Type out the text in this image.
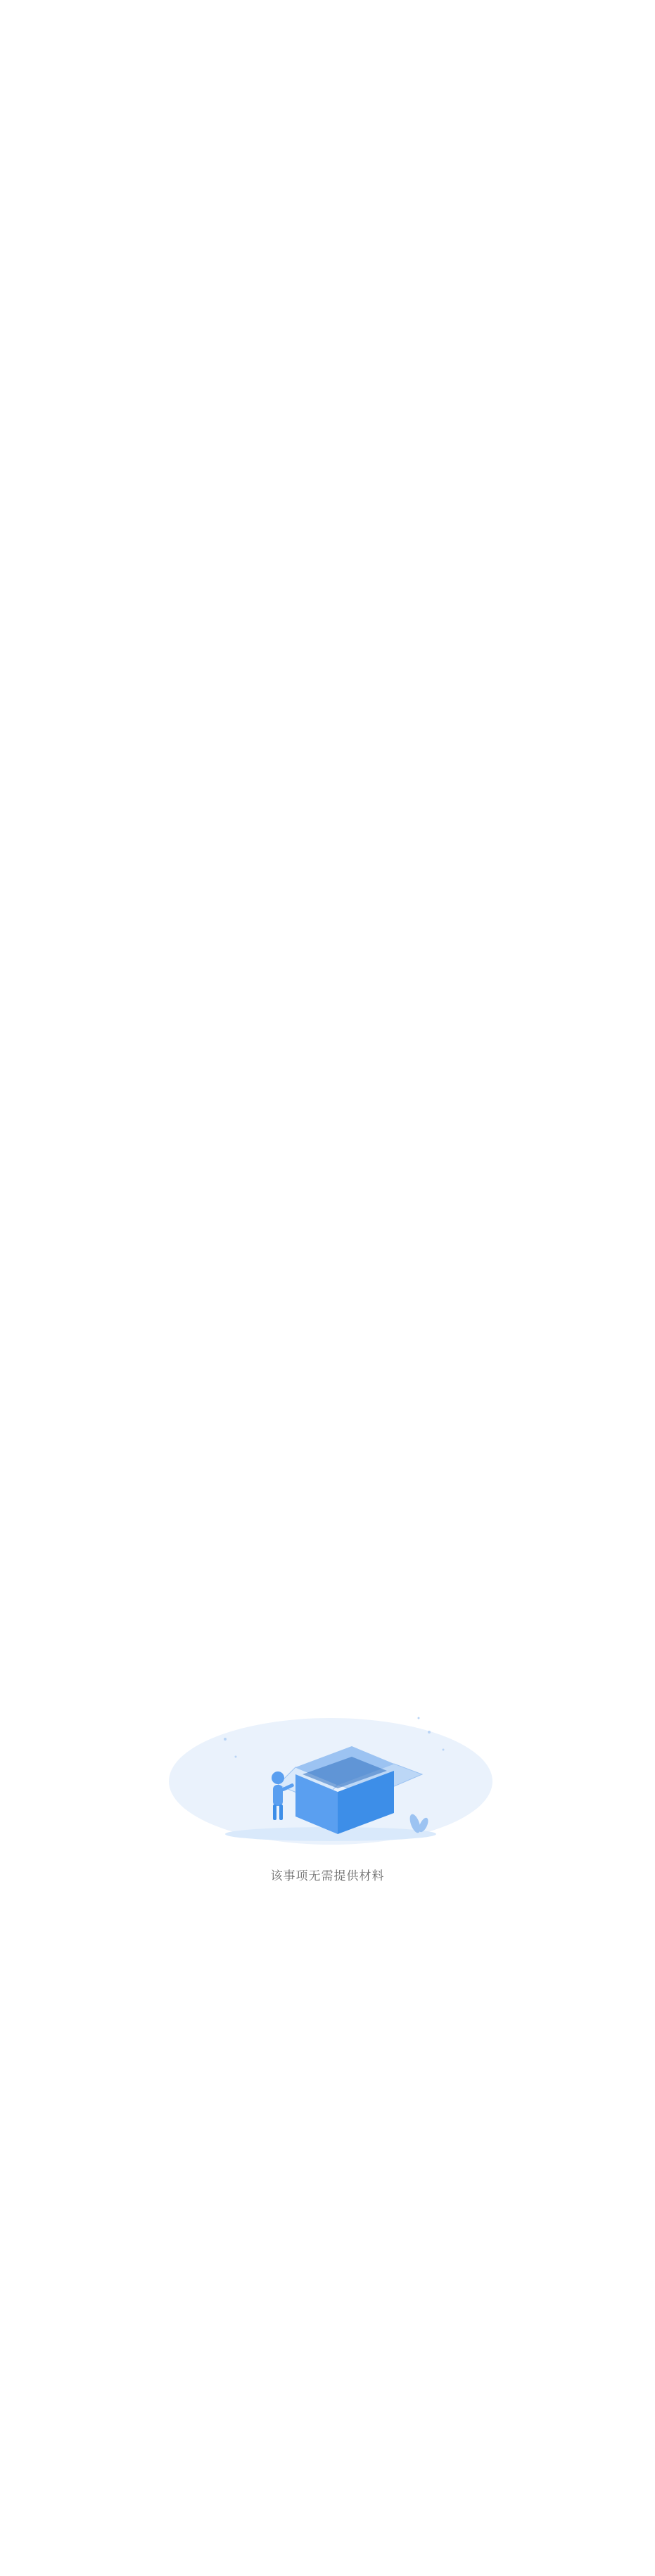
该事项无需提供材料
